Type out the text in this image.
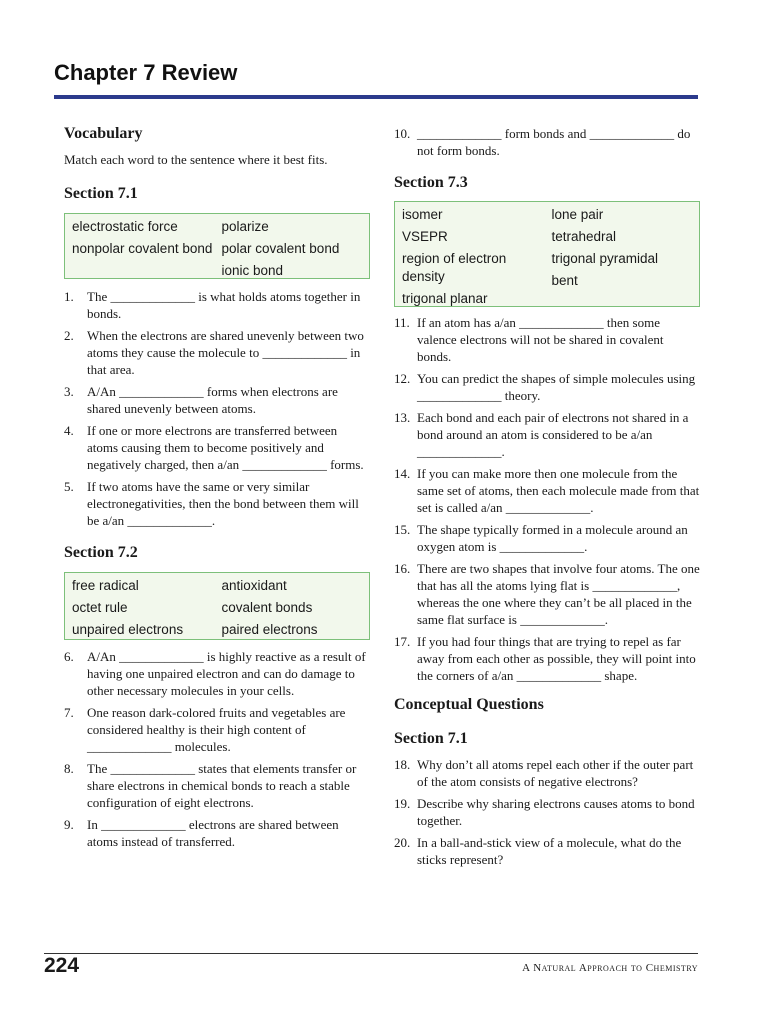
Chapter 7 Review
Vocabulary

Match each word to the sentence where it best fits.

Section 7.1
electrostatic force
nonpolar covalent bond
polarize
polar covalent bond
ionic bond
1. The _____________ is what holds atoms together in bonds.
2. When the electrons are shared unevenly between two atoms they cause the molecule to _____________ in that area.
3. A/An _____________ forms when electrons are shared unevenly between atoms.
4. If one or more electrons are transferred between atoms causing them to become positively and negatively charged, then a/an _____________ forms.
5. If two atoms have the same or very similar electronegativities, then the bond between them will be a/an _____________.
Section 7.2
free radical
octet rule
unpaired electrons
antioxidant
covalent bonds
paired electrons
6. A/An _____________ is highly reactive as a result of having one unpaired electron and can do damage to other necessary molecules in your cells.
7. One reason dark-colored fruits and vegetables are considered healthy is their high content of _____________ molecules.
8. The _____________ states that elements transfer or share electrons in chemical bonds to reach a stable configuration of eight electrons.
9. In _____________ electrons are shared between atoms instead of transferred.
10. _____________ form bonds and _____________ do not form bonds.
Section 7.3
isomer
VSEPR
region of electron density
trigonal planar
lone pair
tetrahedral
trigonal pyramidal
bent
11. If an atom has a/an _____________ then some valence electrons will not be shared in covalent bonds.
12. You can predict the shapes of simple molecules using _____________ theory.
13. Each bond and each pair of electrons not shared in a bond around an atom is considered to be a/an _____________.
14. If you can make more then one molecule from the same set of atoms, then each molecule made from that set is called a/an _____________.
15. The shape typically formed in a molecule around an oxygen atom is _____________.
16. There are two shapes that involve four atoms. The one that has all the atoms lying flat is _____________, whereas the one where they can’t be all placed in the same flat surface is _____________.
17. If you had four things that are trying to repel as far away from each other as possible, they will point into the corners of a/an _____________ shape.
Conceptual Questions
Section 7.1
18. Why don’t all atoms repel each other if the outer part of the atom consists of negative electrons?
19. Describe why sharing electrons causes atoms to bond together.
20. In a ball-and-stick view of a molecule, what do the sticks represent?
224	A Natural Approach to Chemistry
